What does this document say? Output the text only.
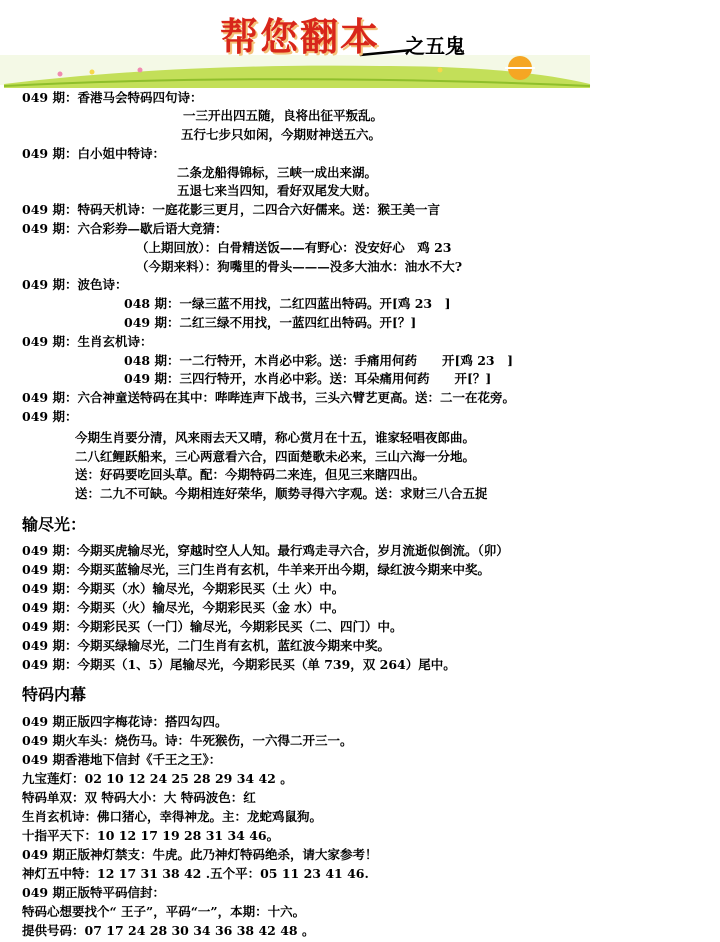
帮您翻本 之五鬼
049 期：香港马会特码四句诗：
一三开出四五随，良将出征平叛乱。
五行七步只如闲，今期财神送五六。
049 期：白小姐中特诗：
二条龙船得锦标，三峡一成出来湖。
五退七来当四知，看好双尾发大财。
049 期：特码天机诗：一庭花影三更月，二四合六好儒来。送：猴王美一言
049 期：六合彩券—歇后语大竞猜：
（上期回放）：白骨精送饭——有野心：没安好心　鸡 23
（今期来料）：狗嘴里的骨头———没多大油水：油水不大?
049 期：波色诗：
048 期：一绿三蓝不用找，二红四蓝出特码。开[鸡 23　]
049 期：二红三绿不用找，一蓝四红出特码。开[？]
049 期：生肖玄机诗：
048 期：一二行特开，木肖必中彩。送：手痛用何药　　开[鸡 23　]
049 期：三四行特开，水肖必中彩。送：耳朵痛用何药　　开[？]
049 期：六合神童送特码在其中：哔哔连声下战书，三头六臂艺更高。送：二一在花旁。
049 期：
今期生肖要分清，风来雨去天又晴，称心赏月在十五，谁家轻唱夜郎曲。
二八红鲤跃船来，三心两意看六合，四面楚歌未必来，三山六海一分地。
送：好码要吃回头草。配：今期特码二来连，但见三来瞎四出。
送：二九不可缺。今期相连好荣华，顺势寻得六字观。送：求财三八合五捉
输尽光：
049 期：今期买虎输尽光，穿越时空人人知。最行鸡走寻六合，岁月流逝似倒流。（卯）
049 期：今期买蓝输尽光，三门生肖有玄机，牛羊来开出今期，绿红波今期来中奖。
049 期：今期买（水）输尽光，今期彩民买（土 火）中。
049 期：今期买（火）输尽光，今期彩民买（金 水）中。
049 期：今期彩民买（一门）输尽光，今期彩民买（二、四门）中。
049 期：今期买绿输尽光，二门生肖有玄机，蓝红波今期来中奖。
049 期：今期买（1、5）尾输尽光，今期彩民买（单 739，双 264）尾中。
特码内幕
049 期正版四字梅花诗：搭四勾四。
049 期火车头：烧伤马。诗：牛死猴伤，一六得二开三一。
049 期香港地下信封《千王之王》：
九宝莲灯：02 10 12 24 25 28 29 34 42 。
特码单双：双 特码大小：大 特码波色：红
生肖玄机诗：佛口猪心，幸得神龙。主：龙蛇鸡鼠狗。
十指平天下：10 12 17 19 28 31 34 46。
049 期正版神灯禁支：牛虎。此乃神灯特码绝杀，请大家参考！
神灯五中特：12 17 31 38 42 .五个平：05 11 23 41 46.
049 期正版特平码信封：
特码心想要找个“ 王子”，平码“一”，本期：十六。
提供号码：07 17 24 28 30 34 36 38 42 48 。
